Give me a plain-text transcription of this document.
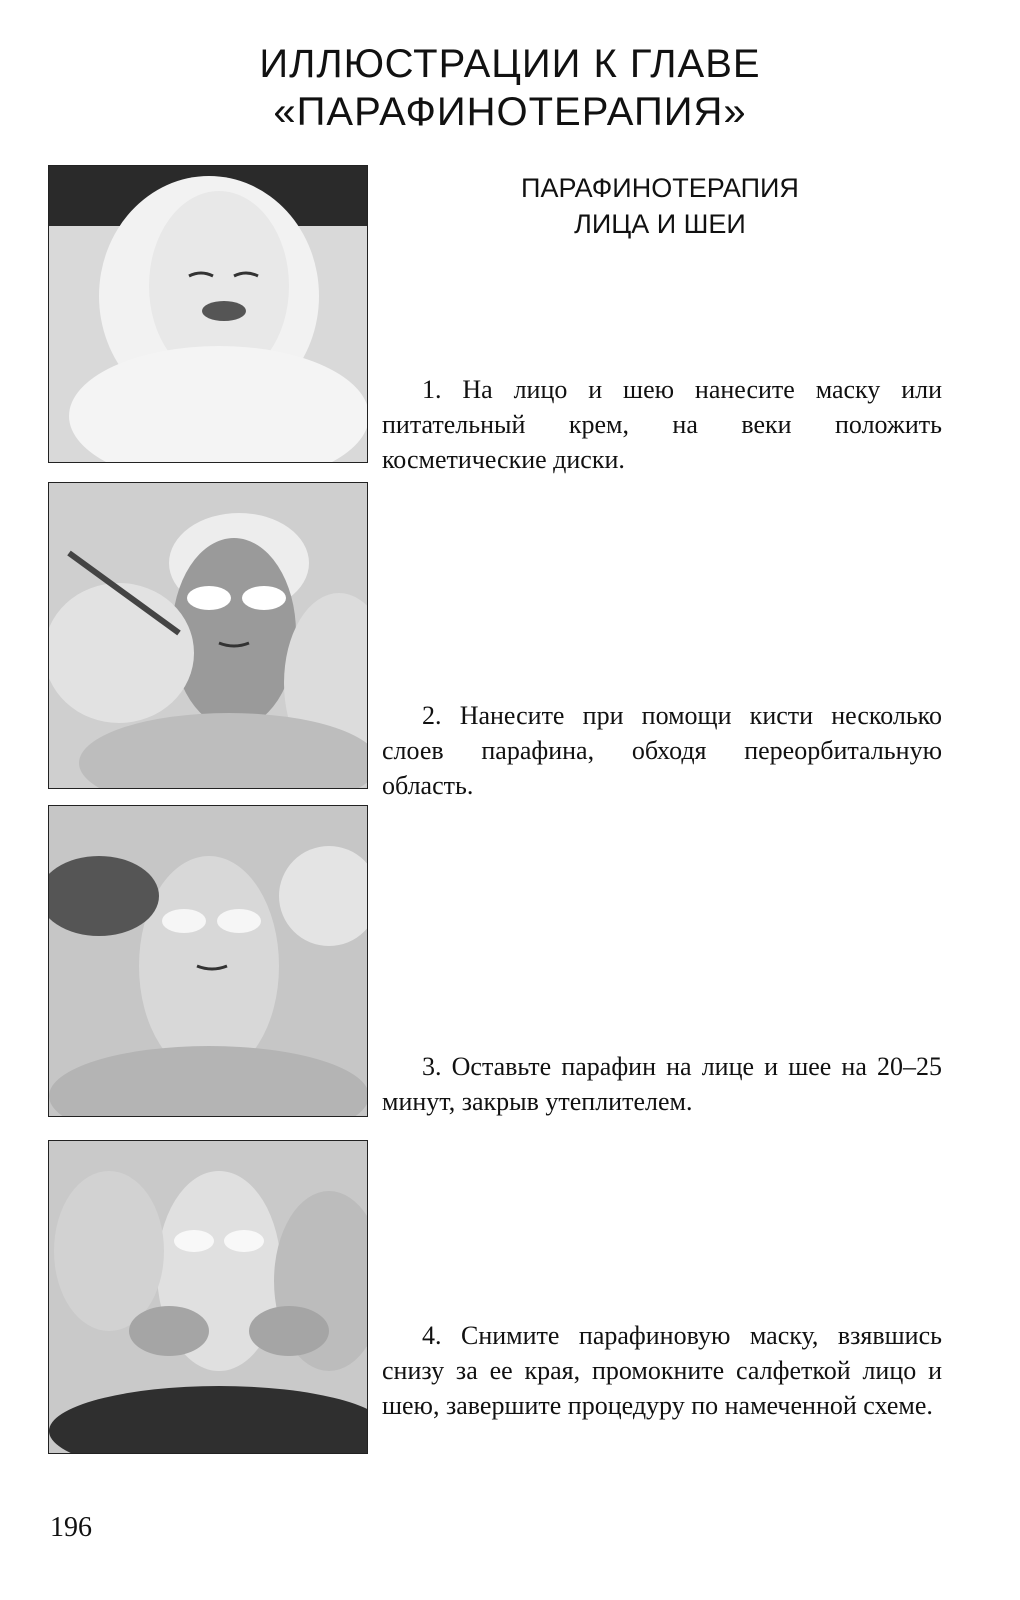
ИЛЛЮСТРАЦИИ К ГЛАВЕ
«ПАРАФИНОТЕРАПИЯ»
ПАРАФИНОТЕРАПИЯ
ЛИЦА И ШЕИ
1. На лицо и шею нанесите маску или питательный крем, на веки положить косметические диски.
2. Нанесите при помощи кисти несколько слоев парафина, обходя переорбитальную область.
3. Оставьте парафин на лице и шее на 20–25 минут, закрыв утеплителем.
4. Снимите парафиновую маску, взявшись снизу за ее края, промокните салфеткой лицо и шею, завершите процедуру по намеченной схеме.
196
